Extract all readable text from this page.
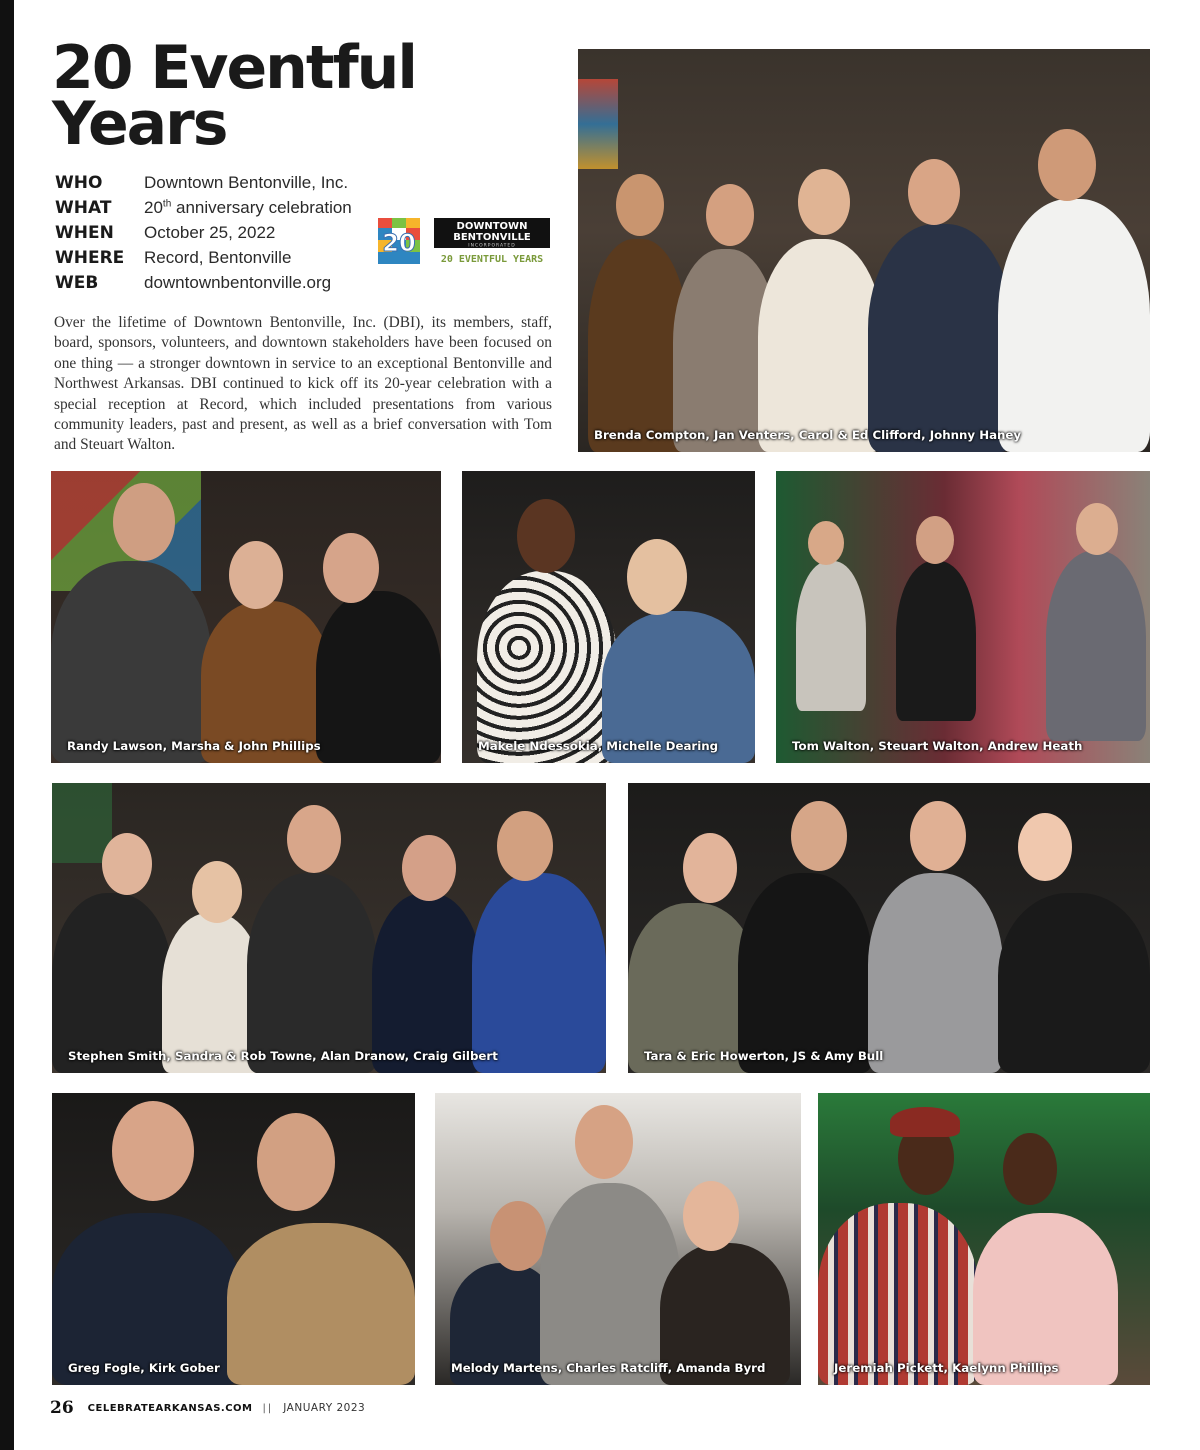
20 Eventful Years
WHO	Downtown Bentonville, Inc.
WHAT	20th anniversary celebration
WHEN	October 25, 2022
WHERE	Record, Bentonville
WEB	downtownbentonville.org
20
DOWNTOWN
BENTONVILLE
INCORPORATED
20 EVENTFUL YEARS

Over the lifetime of Downtown Bentonville, Inc. (DBI), its members, staff, board, sponsors, volunteers, and downtown stakeholders have been focused on one thing — a stronger downtown in service to an exceptional Bentonville and Northwest Arkansas. DBI continued to kick off its 20-year celebration with a special reception at Record, which included presentations from various community leaders, past and present, as well as a brief conversation with Tom and Steuart Walton.

Brenda Compton, Jan Venters, Carol & Ed Clifford, Johnny Haney
Randy Lawson, Marsha & John Phillips	Makele Ndessokia, Michelle Dearing	Tom Walton, Steuart Walton, Andrew Heath
Stephen Smith, Sandra & Rob Towne, Alan Dranow, Craig Gilbert	Tara & Eric Howerton, JS & Amy Bull
Greg Fogle, Kirk Gober	Melody Martens, Charles Ratcliff, Amanda Byrd	Jeremiah Pickett, Kaelynn Phillips
26 CELEBRATEARKANSAS.COM || JANUARY 2023
